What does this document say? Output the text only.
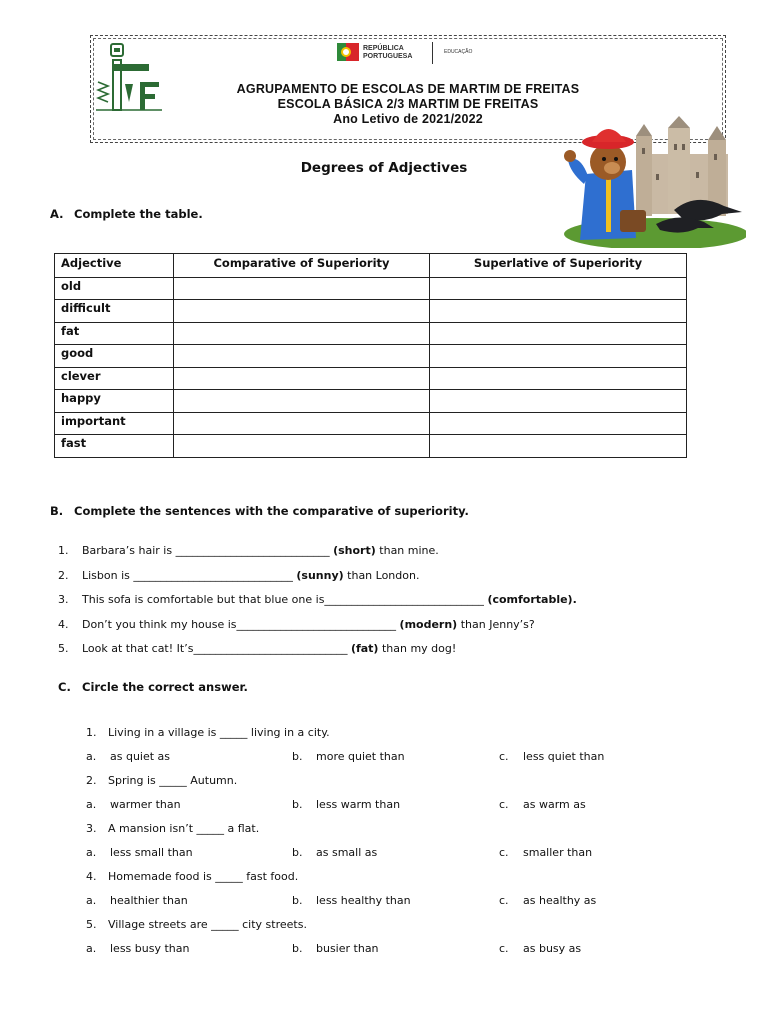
REPÚBLICA
PORTUGUESA
EDUCAÇÃO
AGRUPAMENTO DE ESCOLAS DE MARTIM DE FREITAS
ESCOLA BÁSICA 2/3 MARTIM DE FREITAS
Ano Letivo de 2021/2022
Degrees of Adjectives
A. Complete the table.
Adjective	Comparative of Superiority	Superlative of Superiority
old		
difficult		
fat		
good		
clever		
happy		
important		
fast		
B. Complete the sentences with the comparative of superiority.
1. Barbara’s hair is ____________________________ (short) than mine.
2. Lisbon is _____________________________ (sunny) than London.
3. This sofa is comfortable but that blue one is_____________________________ (comfortable).
4. Don’t you think my house is_____________________________ (modern) than Jenny’s?
5. Look at that cat! It’s____________________________ (fat) than my dog!
C. Circle the correct answer.
1. Living in a village is _____ living in a city.
a. as quiet as	b. more quiet than	c. less quiet than
2. Spring is _____ Autumn.
a. warmer than	b. less warm than	c. as warm as
3. A mansion isn’t _____ a flat.
a. less small than	b. as small as	c. smaller than
4. Homemade food is _____ fast food.
a. healthier than	b. less healthy than	c. as healthy as
5. Village streets are _____ city streets.
a. less busy than	b. busier than	c. as busy as
